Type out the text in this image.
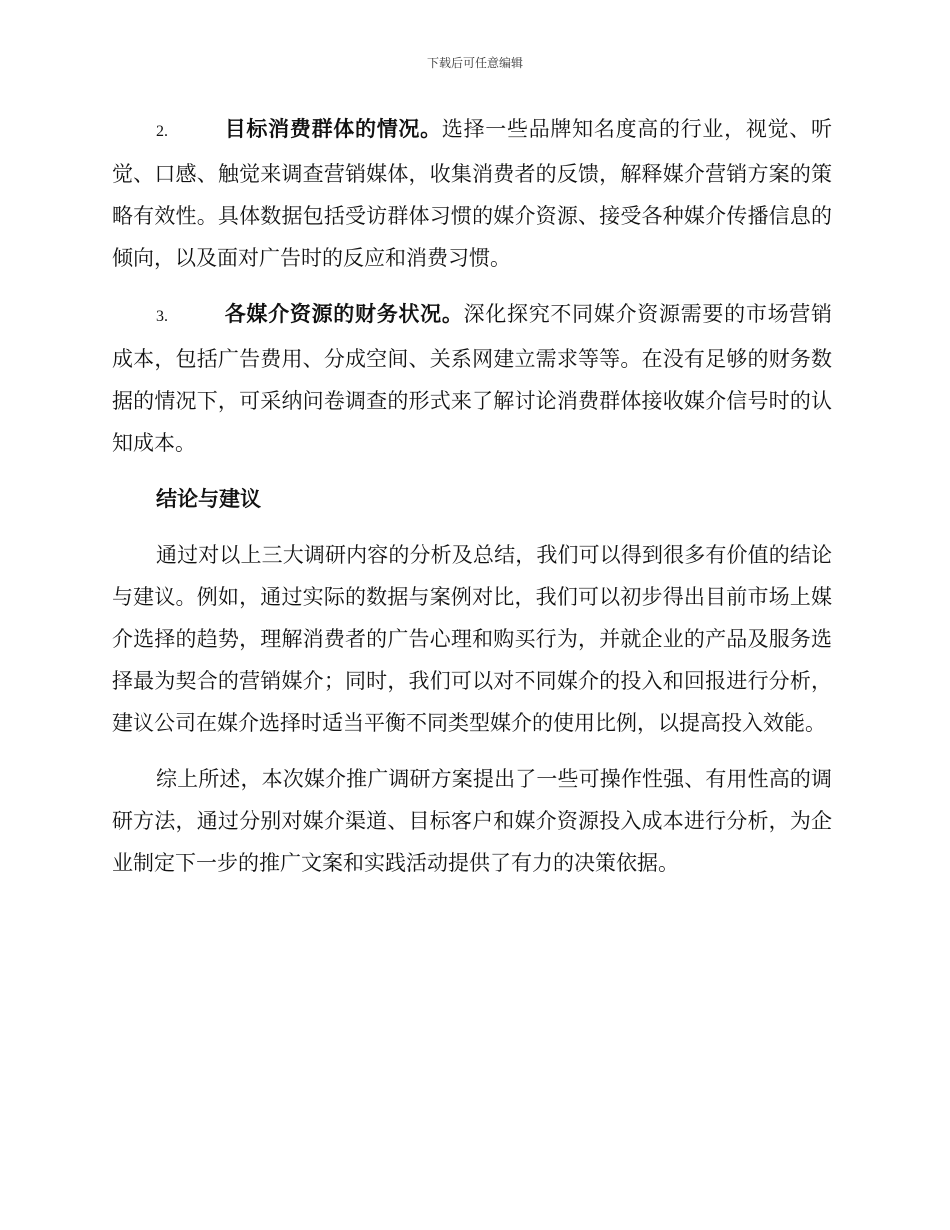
下载后可任意编辑

2.	目标消费群体的情况。选择一些品牌知名度高的行业，视觉、听觉、口感、触觉来调查营销媒体，收集消费者的反馈，解释媒介营销方案的策略有效性。具体数据包括受访群体习惯的媒介资源、接受各种媒介传播信息的倾向，以及面对广告时的反应和消费习惯。

3.	各媒介资源的财务状况。深化探究不同媒介资源需要的市场营销成本，包括广告费用、分成空间、关系网建立需求等等。在没有足够的财务数据的情况下，可采纳问卷调查的形式来了解讨论消费群体接收媒介信号时的认知成本。

结论与建议

通过对以上三大调研内容的分析及总结，我们可以得到很多有价值的结论与建议。例如，通过实际的数据与案例对比，我们可以初步得出目前市场上媒介选择的趋势，理解消费者的广告心理和购买行为，并就企业的产品及服务选择最为契合的营销媒介；同时，我们可以对不同媒介的投入和回报进行分析，建议公司在媒介选择时适当平衡不同类型媒介的使用比例，以提高投入效能。

综上所述，本次媒介推广调研方案提出了一些可操作性强、有用性高的调研方法，通过分别对媒介渠道、目标客户和媒介资源投入成本进行分析，为企业制定下一步的推广文案和实践活动提供了有力的决策依据。
